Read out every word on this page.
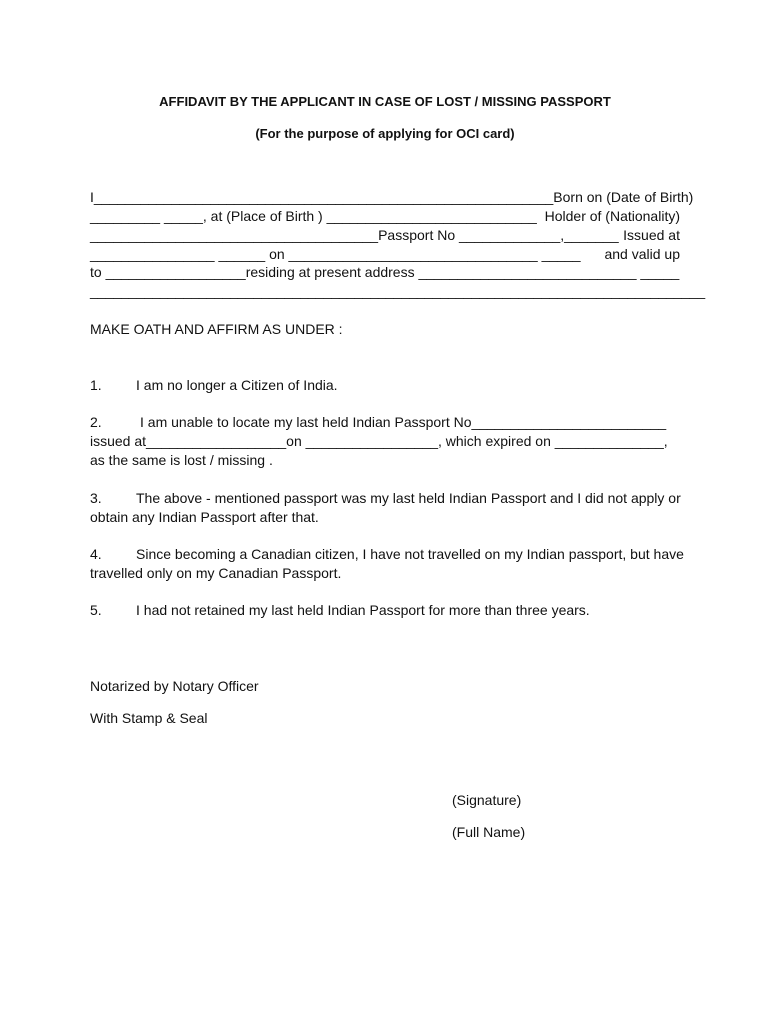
AFFIDAVIT BY THE APPLICANT IN CASE OF LOST / MISSING PASSPORT
(For the purpose of applying for OCI card)
I___________________________________________________________ Born on (Date of Birth)
_________ _____, at (Place of Birth ) ___________________________ Holder of (Nationality)
_____________________________________Passport No _____________,_______ Issued at
________________ ______ on ________________________________ _____ and valid up
to __________________residing at present address ____________________________ _____
_______________________________________________________________________________
MAKE OATH AND AFFIRM AS UNDER :
1. I am no longer a Citizen of India.
2.	I am unable to locate my last held Indian Passport No_________________________
issued at__________________on _________________, which expired on ______________,
as the same is lost / missing .
3. The above - mentioned passport was my last held Indian Passport and I did not apply or
obtain any Indian Passport after that.
4. Since becoming a Canadian citizen, I have not travelled on my Indian passport, but have
travelled only on my Canadian Passport.
5. I had not retained my last held Indian Passport for more than three years.
Notarized by Notary Officer
With Stamp & Seal
(Signature)
(Full Name)
